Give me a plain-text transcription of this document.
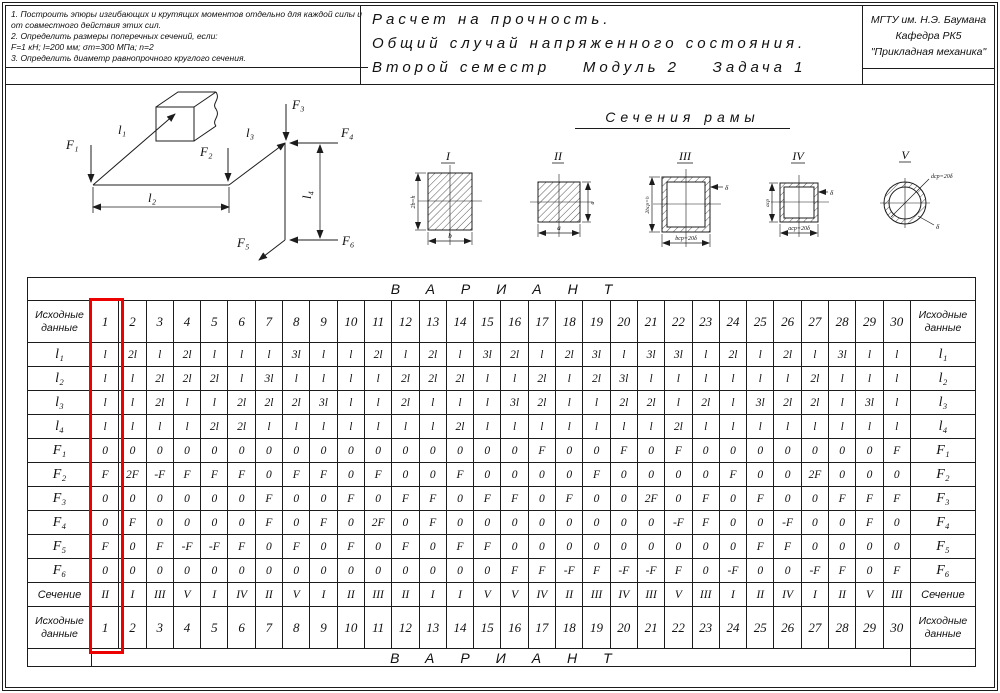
1. Построить эпюры изгибающих и крутящих моментов отдельно для каждой силы и от совместного действия этих сил.
2. Определить размеры поперечных сечений, если:
F=1 кН; l=200 мм; σт=300 МПа; n=2
3. Определить диаметр равнопрочного круглого сечения.
Расчет на прочность.
Общий случай напряженного состояния.
Второй семестр    Модуль 2    Задача 1
МГТУ им. Н.Э. Баумана
Кафедра РК5
"Прикладная механика"
l₁
l₂
l₃
l₄
F₁	F₂
F₃
F₄
F₅	F₆
Сечения рамы
I
2b=h
b
II
a
a
III
2bср=h
bср=20δ
δ
IV
аср
аср=20δ
δ
V
dср=20δ
δ
ВАРИАНТ																															
Исходные данные	1	2	3	4	5	6	7	8	9	10	11	12	13	14	15	16	17	18	19	20	21	22	23	24	25	26	27	28	29	30	Исходные данные
l₁	l	2l	l	2l	l	l	l	3l	l	l	2l	l	2l	l	3l	2l	l	2l	3l	l	3l	3l	l	2l	l	2l	l	3l	l	l	l₁
l₂	l	l	2l	2l	2l	l	3l	l	l	l	l	2l	2l	2l	l	l	2l	l	2l	3l	l	l	l	l	l	l	2l	l	l	l	l₂
l₃	l	l	2l	l	l	2l	2l	2l	3l	l	l	2l	l	l	l	3l	2l	l	l	2l	2l	l	2l	l	3l	2l	2l	l	3l	l	l₃
l₄	l	l	l	l	2l	2l	l	l	l	l	l	l	l	2l	l	l	l	l	l	l	l	2l	l	l	l	l	l	l	l	l	l₄
F₁	0	0	0	0	0	0	0	0	0	0	0	0	0	0	0	0	F	0	0	F	0	F	0	0	0	0	0	0	0	F	F₁
F₂	F	2F	-F	F	F	F	0	F	F	0	F	0	0	F	0	0	0	0	F	0	0	0	0	F	0	0	2F	0	0	0	F₂
F₃	0	0	0	0	0	0	F	0	0	F	0	F	F	0	F	F	0	F	0	0	2F	0	F	0	F	0	0	F	F	F	F₃
F₄	0	F	0	0	0	0	F	0	F	0	2F	0	F	0	0	0	0	0	0	0	0	-F	F	0	0	-F	0	0	F	0	F₄
F₅	F	0	F	-F	-F	F	0	F	0	F	0	F	0	F	F	0	0	0	0	0	0	0	0	0	F	F	0	0	0	0	F₅
F₆	0	0	0	0	0	0	0	0	0	0	0	0	0	0	0	F	F	-F	F	-F	-F	F	0	-F	0	0	-F	F	0	F	F₆
Сечение	II	I	III	V	I	IV	II	V	I	II	III	II	I	I	V	V	IV	II	III	IV	III	V	III	I	II	IV	I	II	V	III	Сечение
Исходные данные	1	2	3	4	5	6	7	8	9	10	11	12	13	14	15	16	17	18	19	20	21	22	23	24	25	26	27	28	29	30	Исходные данные
	ВАРИАНТ																														
